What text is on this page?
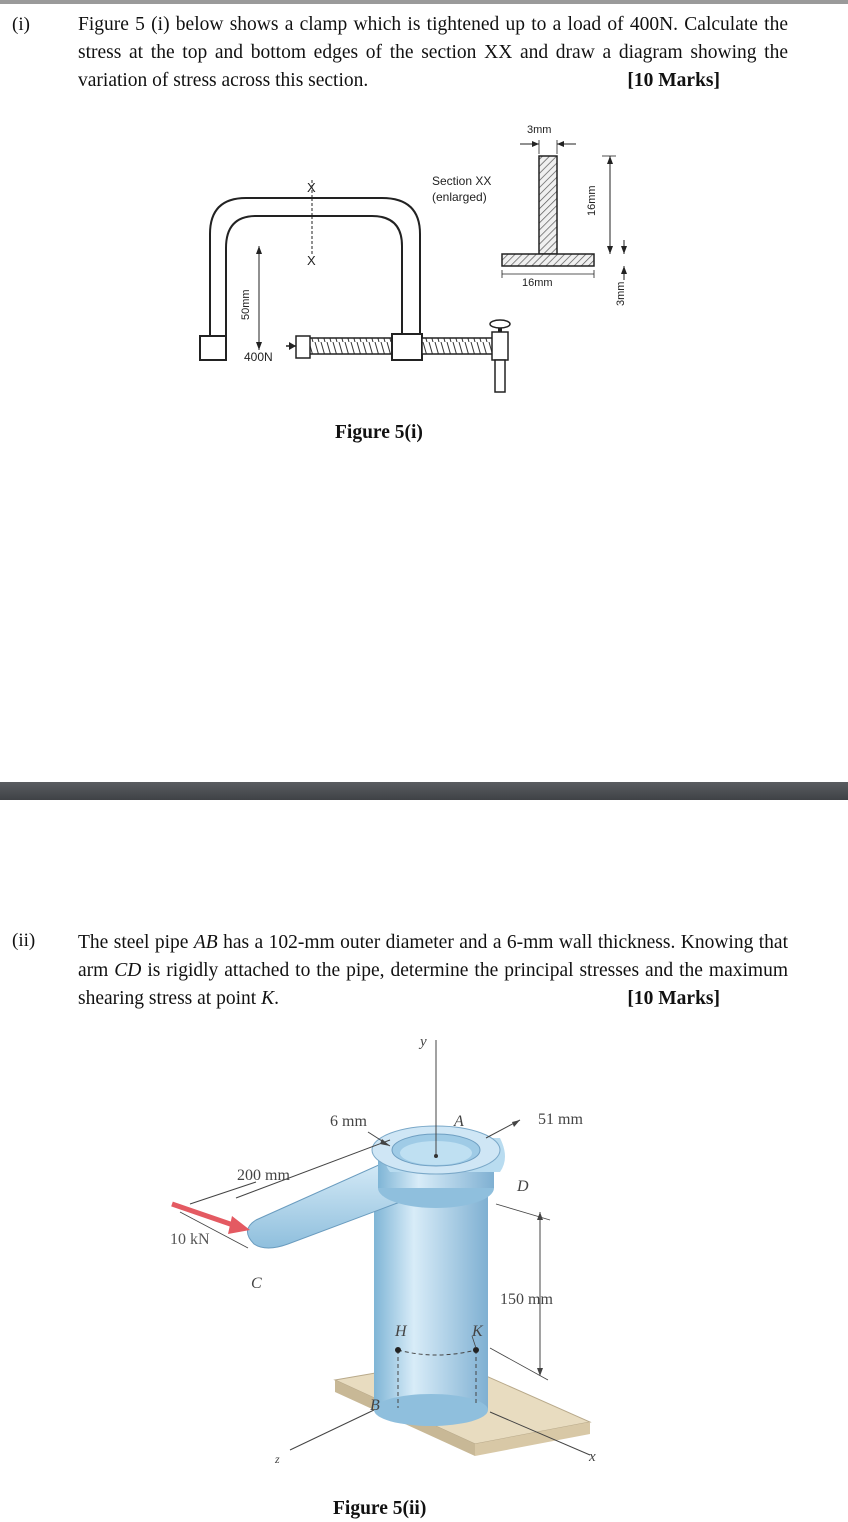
(i) Figure 5 (i) below shows a clamp which is tightened up to a load of 400N. Calculate the stress at the top and bottom edges of the section XX and draw a diagram showing the variation of stress across this section.	[10 Marks]
X
X
Section XX
(enlarged)
3mm
16mm
16mm	3mm
50mm
400N
Figure 5(i)
(ii) The steel pipe AB has a 102-mm outer diameter and a 6-mm wall thickness. Knowing that arm CD is rigidly attached to the pipe, determine the principal stresses and the maximum shearing stress at point K.	[10 Marks]
y
6 mm	A	51 mm
200 mm
D
10 kN
C
150 mm
H	K
B
z	x
Figure 5(ii)
